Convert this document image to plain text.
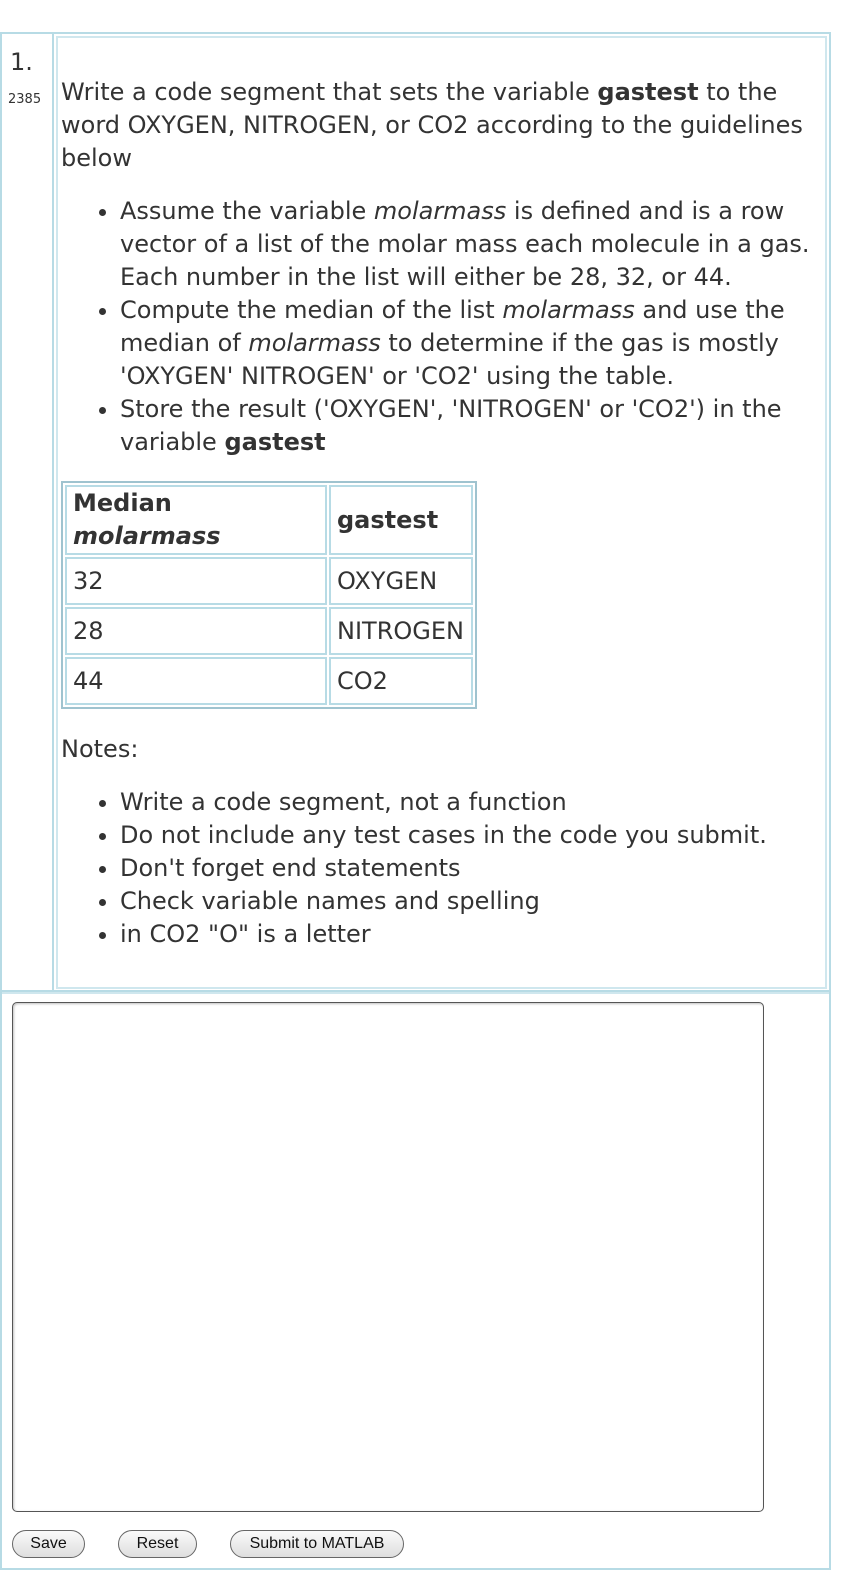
1.
2385
Save	Reset	Submit to MATLAB

Write a code segment that sets the variable gastest to the word OXYGEN, NITROGEN, or CO2 according to the guidelines below

• Assume the variable molarmass is defined and is a row vector of a list of the molar mass each molecule in a gas. Each number in the list will either be 28, 32, or 44.
• Compute the median of the list molarmass and use the median of molarmass to determine if the gas is mostly 'OXYGEN' NITROGEN' or 'CO2' using the table.
• Store the result ('OXYGEN', 'NITROGEN' or 'CO2') in the variable gastest
Median molarmass	gastest
32	OXYGEN
28	NITROGEN
44	CO2

Notes:

• Write a code segment, not a function
• Do not include any test cases in the code you submit.
• Don't forget end statements
• Check variable names and spelling
• in CO2 "O" is a letter
